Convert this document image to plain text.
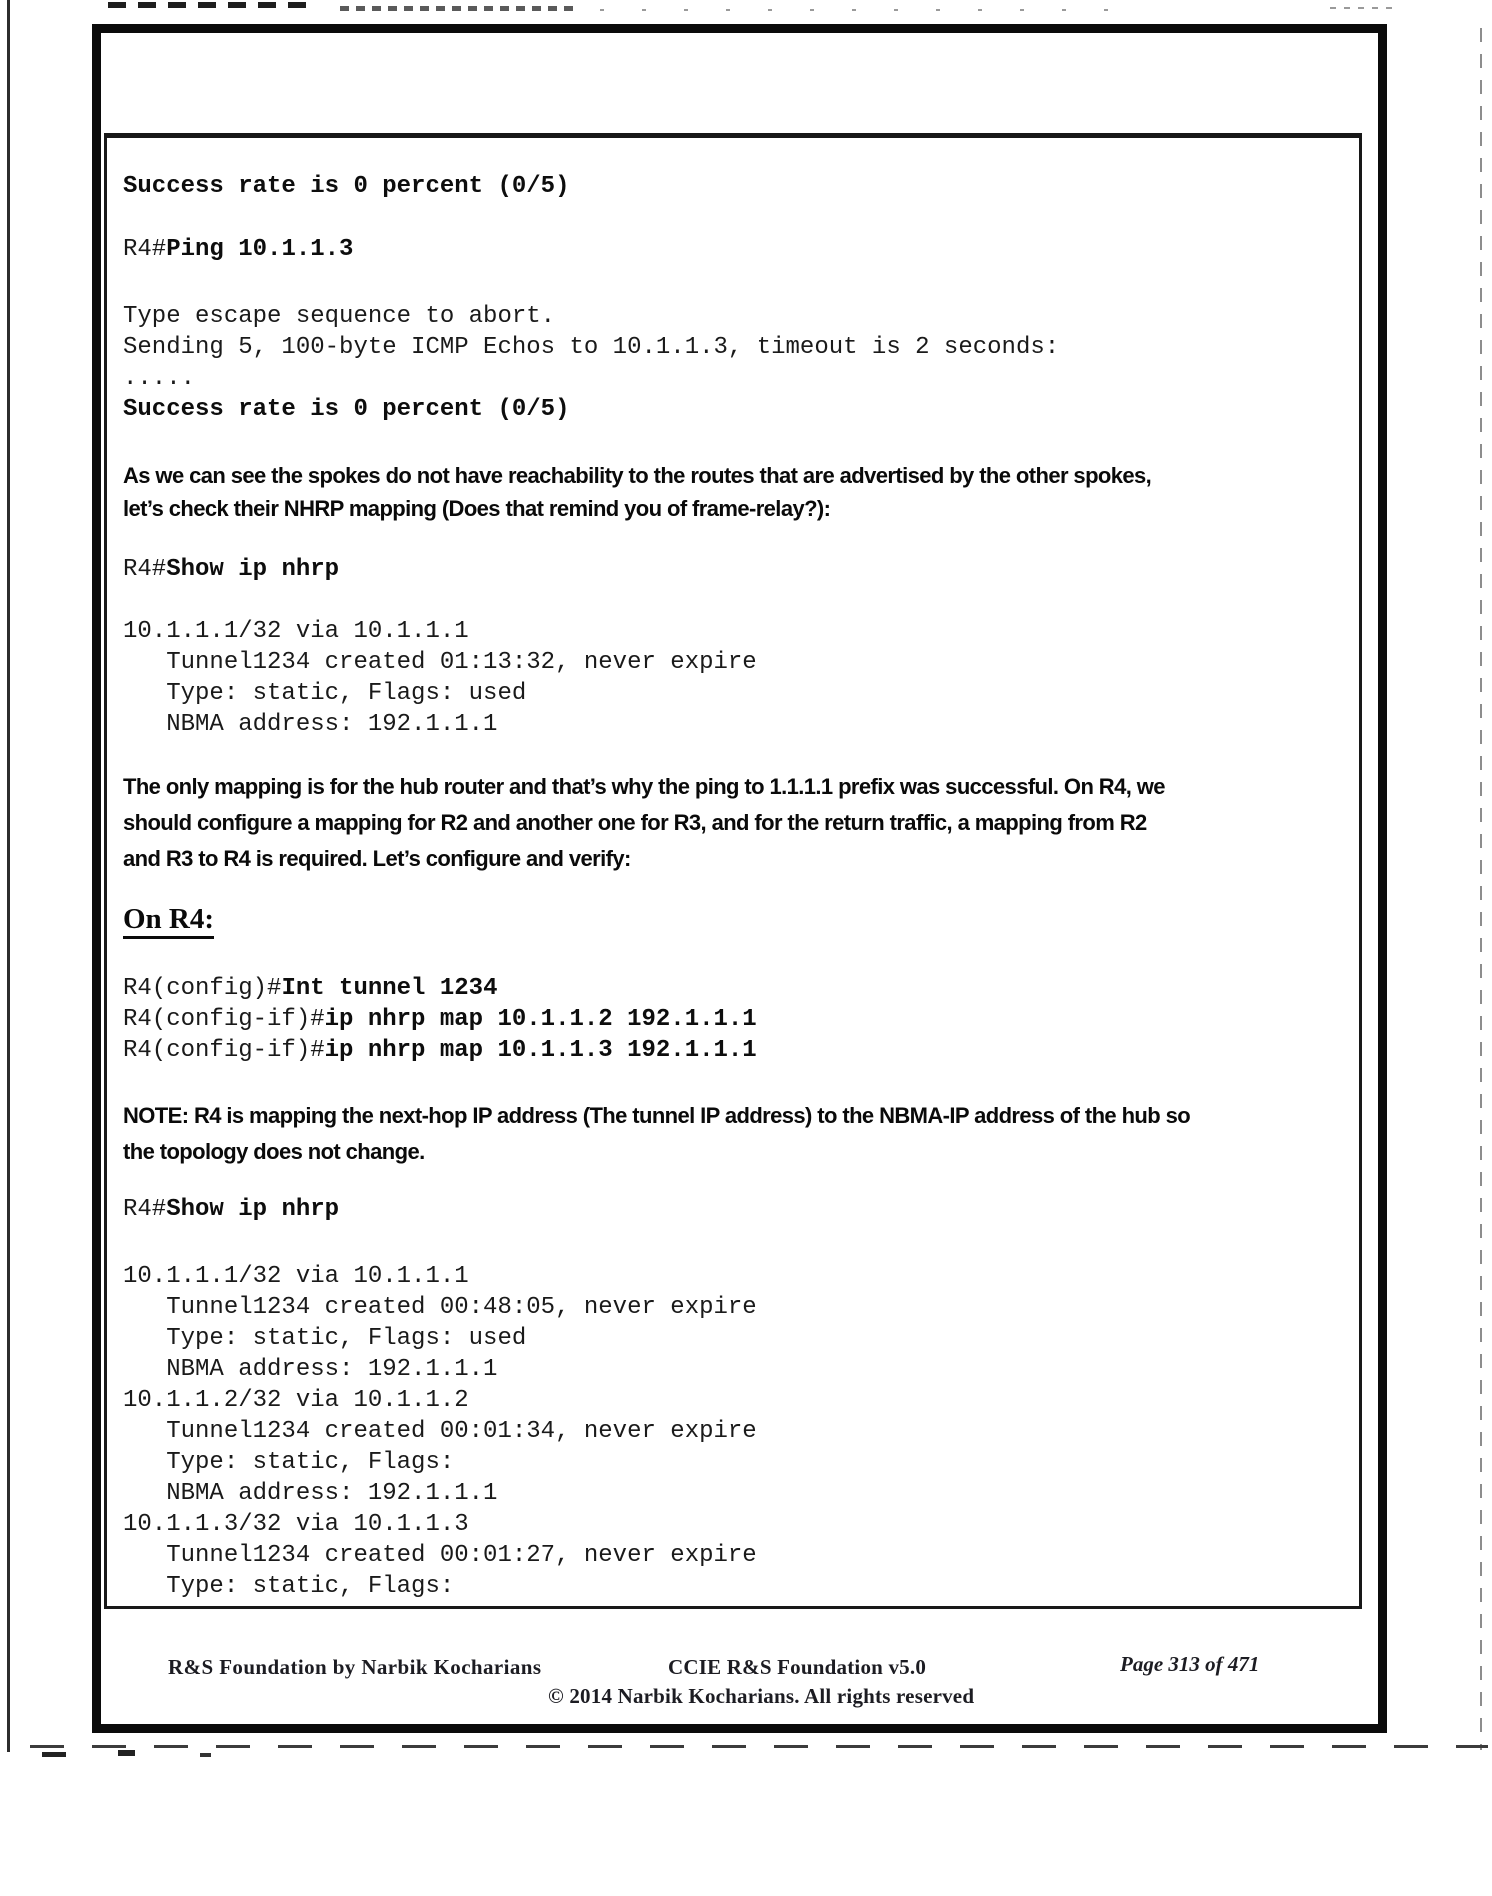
Success rate is 0 percent (0/5)
R4#Ping 10.1.1.3
Type escape sequence to abort.
Sending 5, 100-byte ICMP Echos to 10.1.1.3, timeout is 2 seconds:
.....
Success rate is 0 percent (0/5)
As we can see the spokes do not have reachability to the routes that are advertised by the other spokes,
let’s check their NHRP mapping (Does that remind you of frame-relay?):
R4#Show ip nhrp
10.1.1.1/32 via 10.1.1.1
Tunnel1234 created 01:13:32, never expire
Type: static, Flags: used
NBMA address: 192.1.1.1
The only mapping is for the hub router and that’s why the ping to 1.1.1.1 prefix was successful. On R4, we
should configure a mapping for R2 and another one for R3, and for the return traffic, a mapping from R2
and R3 to R4 is required. Let’s configure and verify:
On R4:
R4(config)#Int tunnel 1234
R4(config-if)#ip nhrp map 10.1.1.2 192.1.1.1
R4(config-if)#ip nhrp map 10.1.1.3 192.1.1.1
NOTE: R4 is mapping the next-hop IP address (The tunnel IP address) to the NBMA-IP address of the hub so
the topology does not change.
R4#Show ip nhrp
10.1.1.1/32 via 10.1.1.1
Tunnel1234 created 00:48:05, never expire
Type: static, Flags: used
NBMA address: 192.1.1.1
10.1.1.2/32 via 10.1.1.2
Tunnel1234 created 00:01:34, never expire
Type: static, Flags:
NBMA address: 192.1.1.1
10.1.1.3/32 via 10.1.1.3
Tunnel1234 created 00:01:27, never expire
Type: static, Flags:
R&S Foundation by Narbik Kocharians	CCIE R&S Foundation v5.0	Page 313 of 471
© 2014 Narbik Kocharians. All rights reserved
